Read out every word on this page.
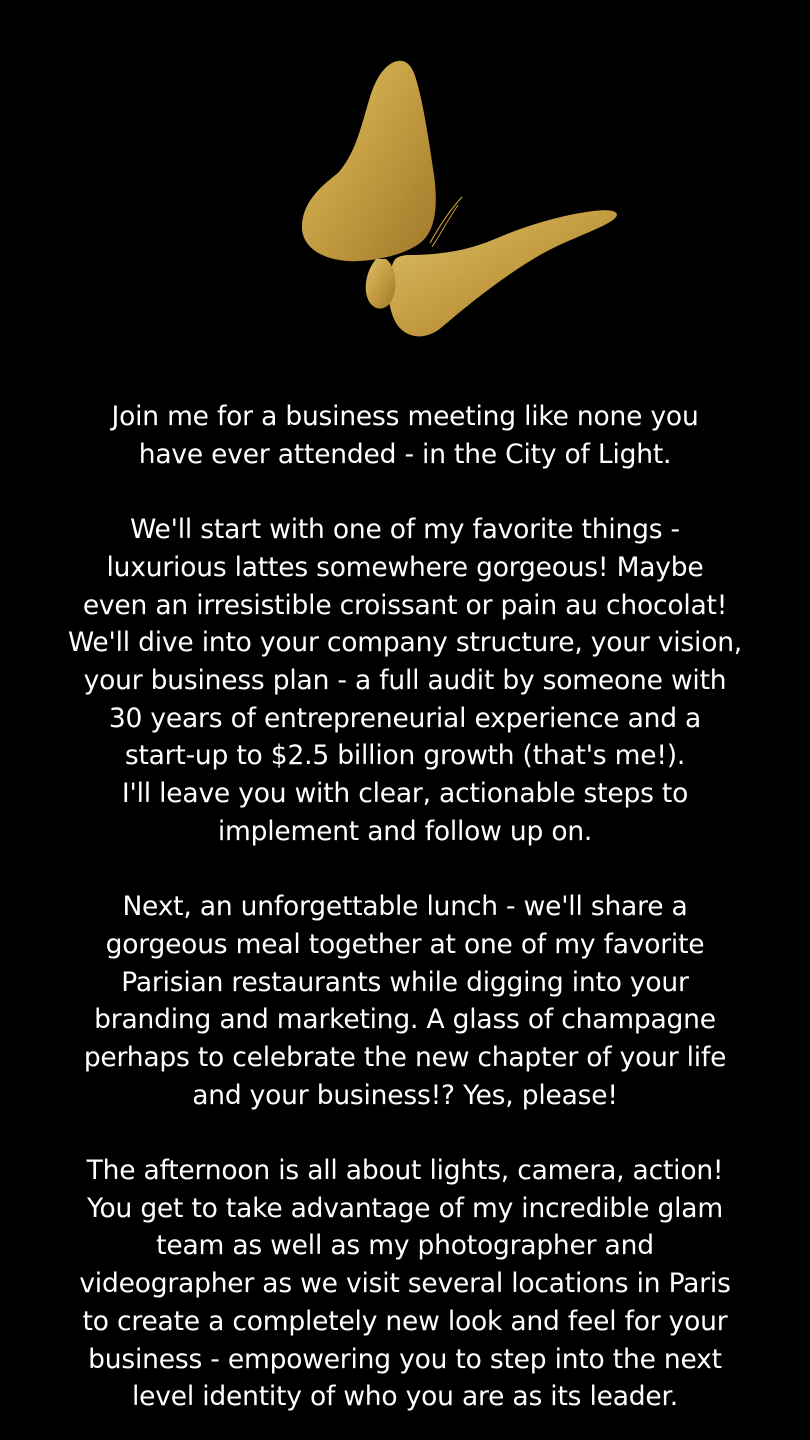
Join me for a business meeting like none you
have ever attended - in the City of Light.

We'll start with one of my favorite things -
luxurious lattes somewhere gorgeous! Maybe
even an irresistible croissant or pain au chocolat!
We'll dive into your company structure, your vision,
your business plan - a full audit by someone with
30 years of entrepreneurial experience and a
start-up to $2.5 billion growth (that's me!).
I'll leave you with clear, actionable steps to
implement and follow up on.

Next, an unforgettable lunch - we'll share a
gorgeous meal together at one of my favorite
Parisian restaurants while digging into your
branding and marketing. A glass of champagne
perhaps to celebrate the new chapter of your life
and your business!? Yes, please!

The afternoon is all about lights, camera, action!
You get to take advantage of my incredible glam
team as well as my photographer and
videographer as we visit several locations in Paris
to create a completely new look and feel for your
business - empowering you to step into the next
level identity of who you are as its leader.
